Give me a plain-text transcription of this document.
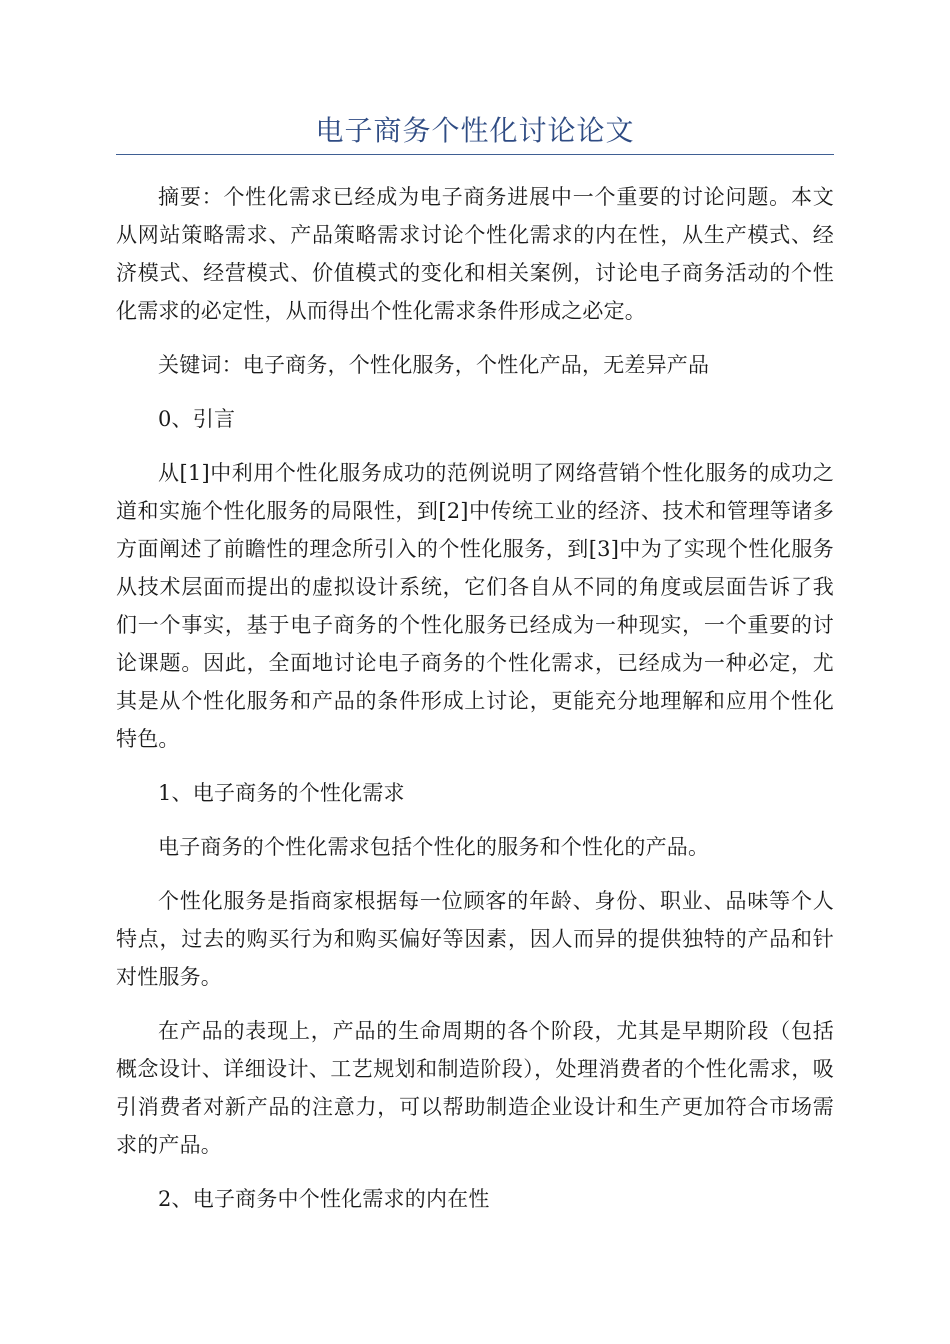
电子商务个性化讨论论文

摘要：个性化需求已经成为电子商务进展中一个重要的讨论问题。本文从网站策略需求、产品策略需求讨论个性化需求的内在性，从生产模式、经济模式、经营模式、价值模式的变化和相关案例，讨论电子商务活动的个性化需求的必定性，从而得出个性化需求条件形成之必定。

关键词：电子商务，个性化服务，个性化产品，无差异产品

0、引言

从[1]中利用个性化服务成功的范例说明了网络营销个性化服务的成功之道和实施个性化服务的局限性，到[2]中传统工业的经济、技术和管理等诸多方面阐述了前瞻性的理念所引入的个性化服务，到[3]中为了实现个性化服务从技术层面而提出的虚拟设计系统，它们各自从不同的角度或层面告诉了我们一个事实，基于电子商务的个性化服务已经成为一种现实，一个重要的讨论课题。因此，全面地讨论电子商务的个性化需求，已经成为一种必定，尤其是从个性化服务和产品的条件形成上讨论，更能充分地理解和应用个性化特色。

1、电子商务的个性化需求

电子商务的个性化需求包括个性化的服务和个性化的产品。

个性化服务是指商家根据每一位顾客的年龄、身份、职业、品味等个人特点，过去的购买行为和购买偏好等因素，因人而异的提供独特的产品和针对性服务。

在产品的表现上，产品的生命周期的各个阶段，尤其是早期阶段（包括概念设计、详细设计、工艺规划和制造阶段），处理消费者的个性化需求，吸引消费者对新产品的注意力，可以帮助制造企业设计和生产更加符合市场需求的产品。

2、电子商务中个性化需求的内在性
